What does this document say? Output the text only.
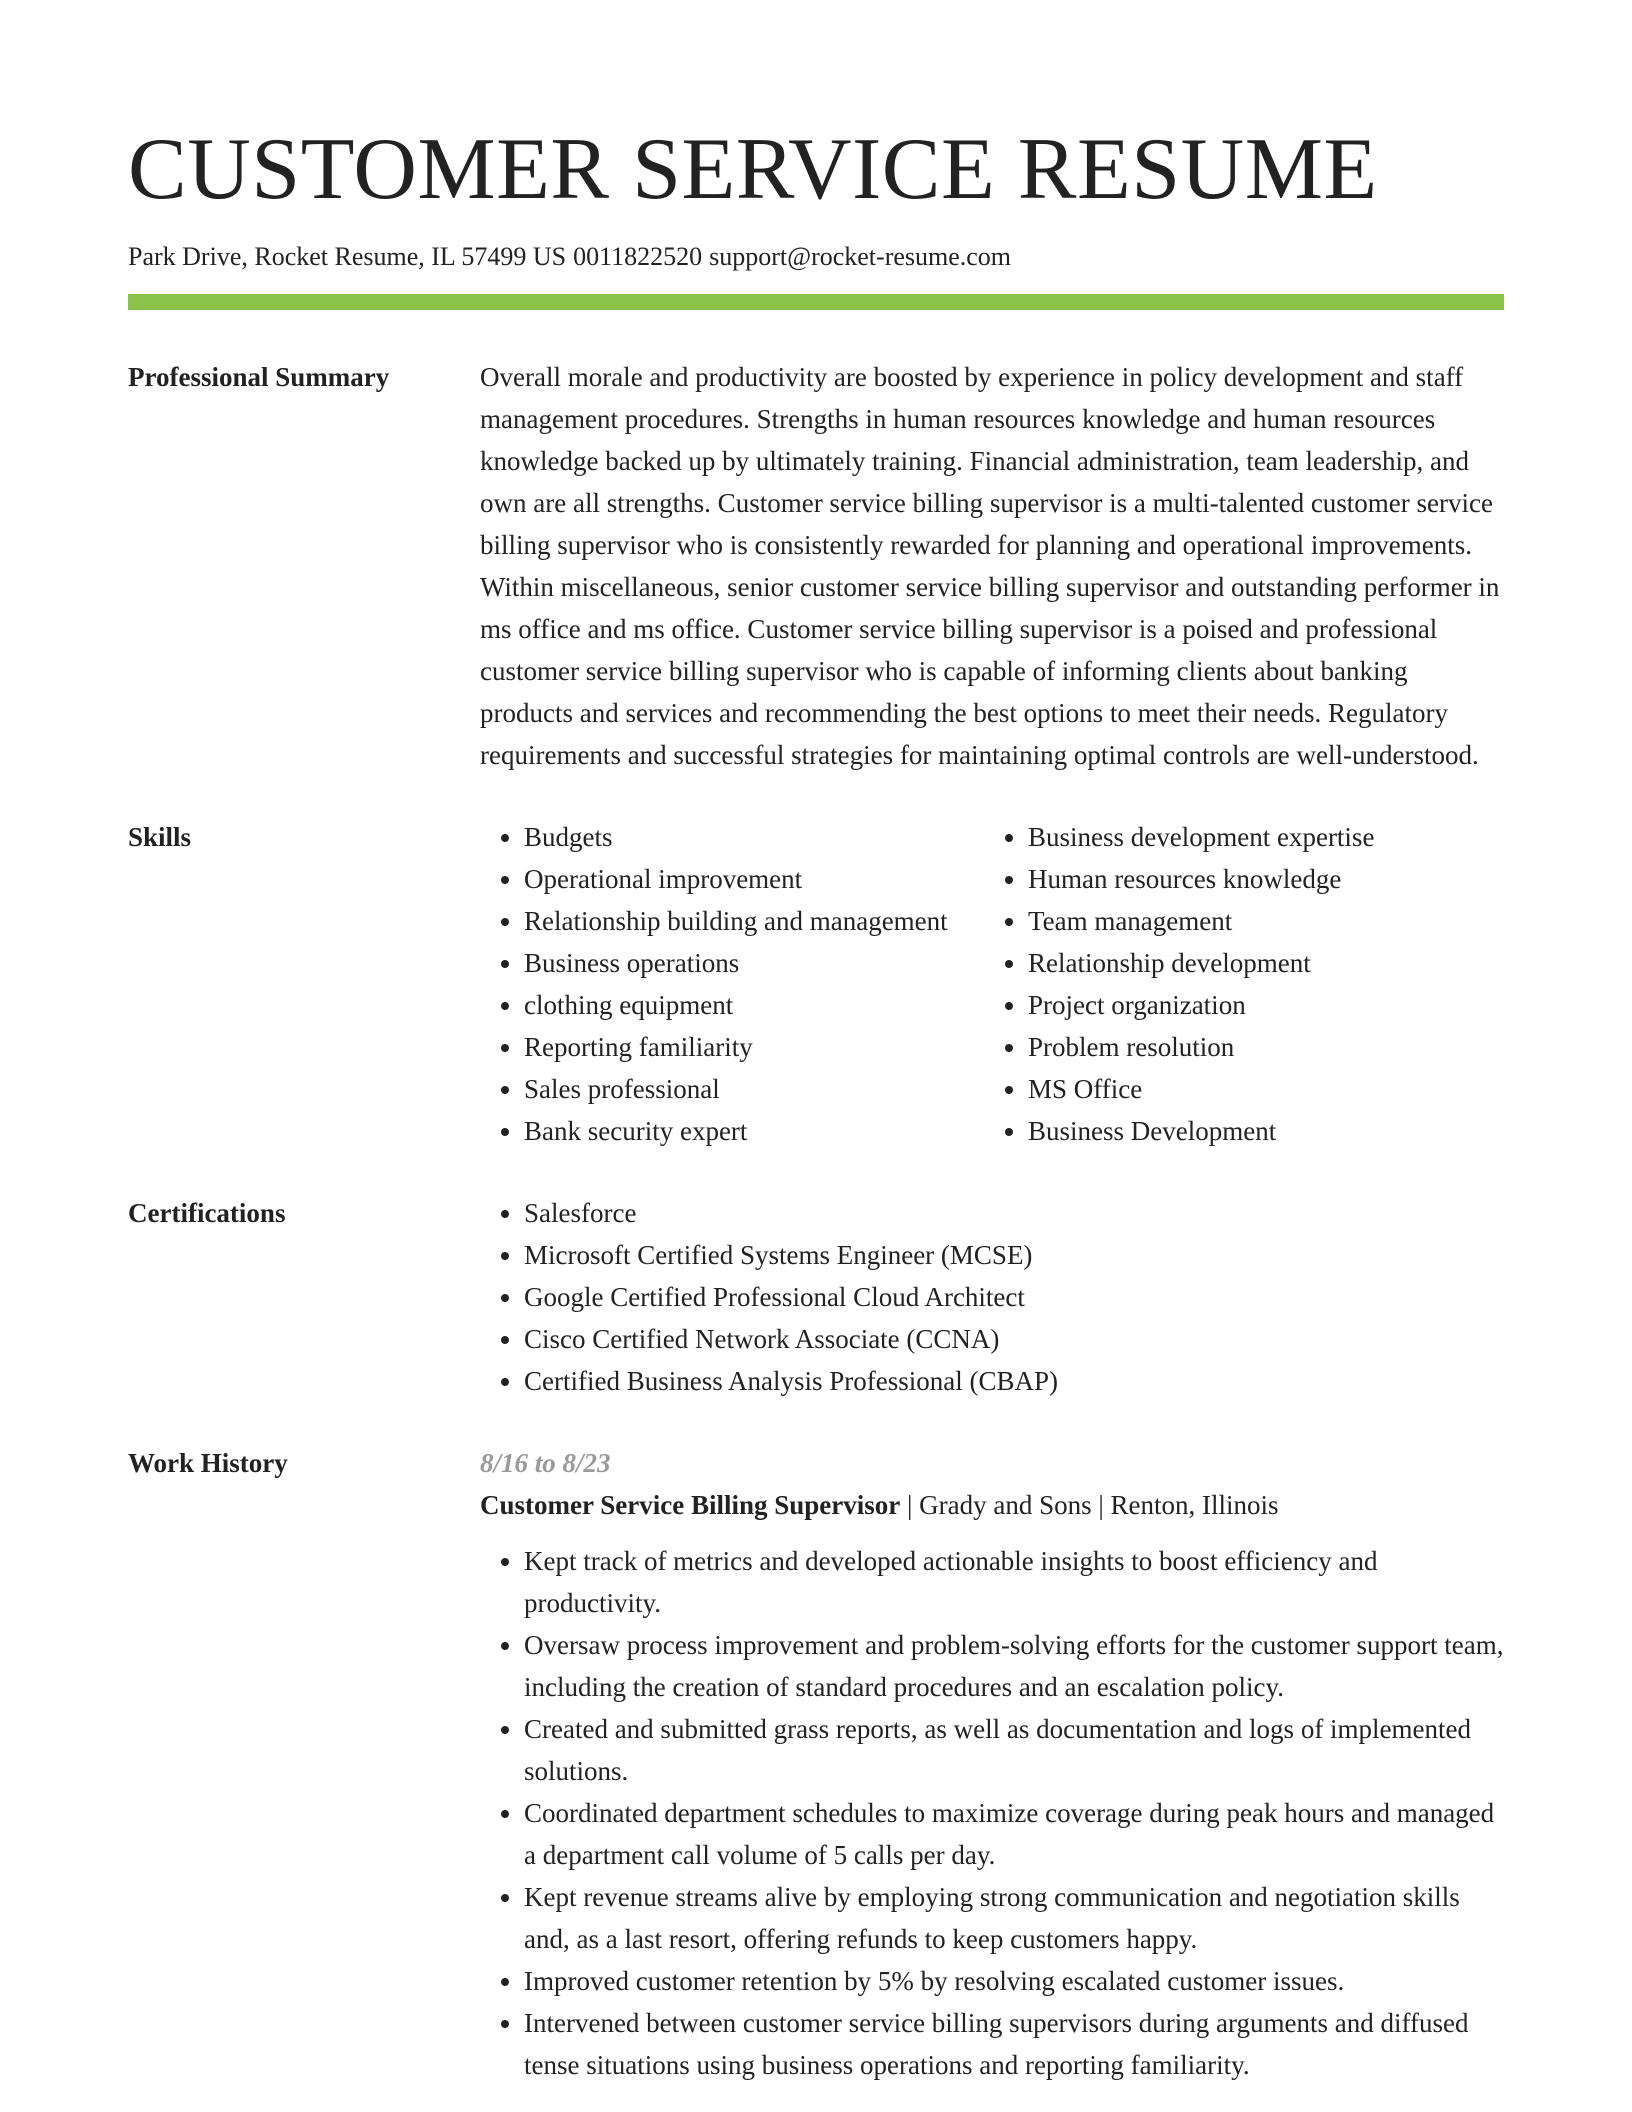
CUSTOMER SERVICE RESUME
Park Drive, Rocket Resume, IL 57499 US 0011822520 support@rocket-resume.com
Professional Summary	Overall morale and productivity are boosted by experience in policy development and staff management procedures. Strengths in human resources knowledge and human resources knowledge backed up by ultimately training. Financial administration, team leadership, and own are all strengths. Customer service billing supervisor is a multi-talented customer service billing supervisor who is consistently rewarded for planning and operational improvements. Within miscellaneous, senior customer service billing supervisor and outstanding performer in ms office and ms office. Customer service billing supervisor is a poised and professional customer service billing supervisor who is capable of informing clients about banking products and services and recommending the best options to meet their needs. Regulatory requirements and successful strategies for maintaining optimal controls are well-understood.

Skills	• Budgets
• Operational improvement
• Relationship building and management
• Business operations
• clothing equipment
• Reporting familiarity
• Sales professional
• Bank security expert
• Business development expertise
• Human resources knowledge
• Team management
• Relationship development
• Project organization
• Problem resolution
• MS Office
• Business Development
Certifications	• Salesforce
• Microsoft Certified Systems Engineer (MCSE)
• Google Certified Professional Cloud Architect
• Cisco Certified Network Associate (CCNA)
• Certified Business Analysis Professional (CBAP)
Work History	8/16 to 8/23
Customer Service Billing Supervisor | Grady and Sons | Renton, Illinois
• Kept track of metrics and developed actionable insights to boost efficiency and productivity.
• Oversaw process improvement and problem-solving efforts for the customer support team, including the creation of standard procedures and an escalation policy.
• Created and submitted grass reports, as well as documentation and logs of implemented solutions.
• Coordinated department schedules to maximize coverage during peak hours and managed a department call volume of 5 calls per day.
• Kept revenue streams alive by employing strong communication and negotiation skills and, as a last resort, offering refunds to keep customers happy.
• Improved customer retention by 5% by resolving escalated customer issues.
• Intervened between customer service billing supervisors during arguments and diffused tense situations using business operations and reporting familiarity.
